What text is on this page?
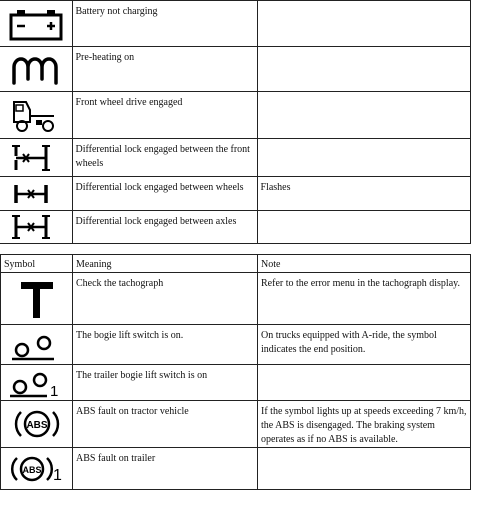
	Battery not charging	

	Pre-heating on	

	Front wheel drive engaged	

	Differential lock engaged between the front wheels	

	Differential lock engaged between wheels	Flashes

	Differential lock engaged between axles	
Symbol	Meaning	Note

	Check the tachograph	Refer to the error menu in the tachograph display.

	The bogie lift switch is on.	On trucks equipped with A-ride, the symbol indicates the end position.

1	The trailer bogie lift switch is on	

ABS	ABS fault on tractor vehicle	If the symbol lights up at speeds exceeding 7 km/h, the ABS is disengaged. The braking system operates as if no ABS is available.

ABS 1	ABS fault on trailer	
